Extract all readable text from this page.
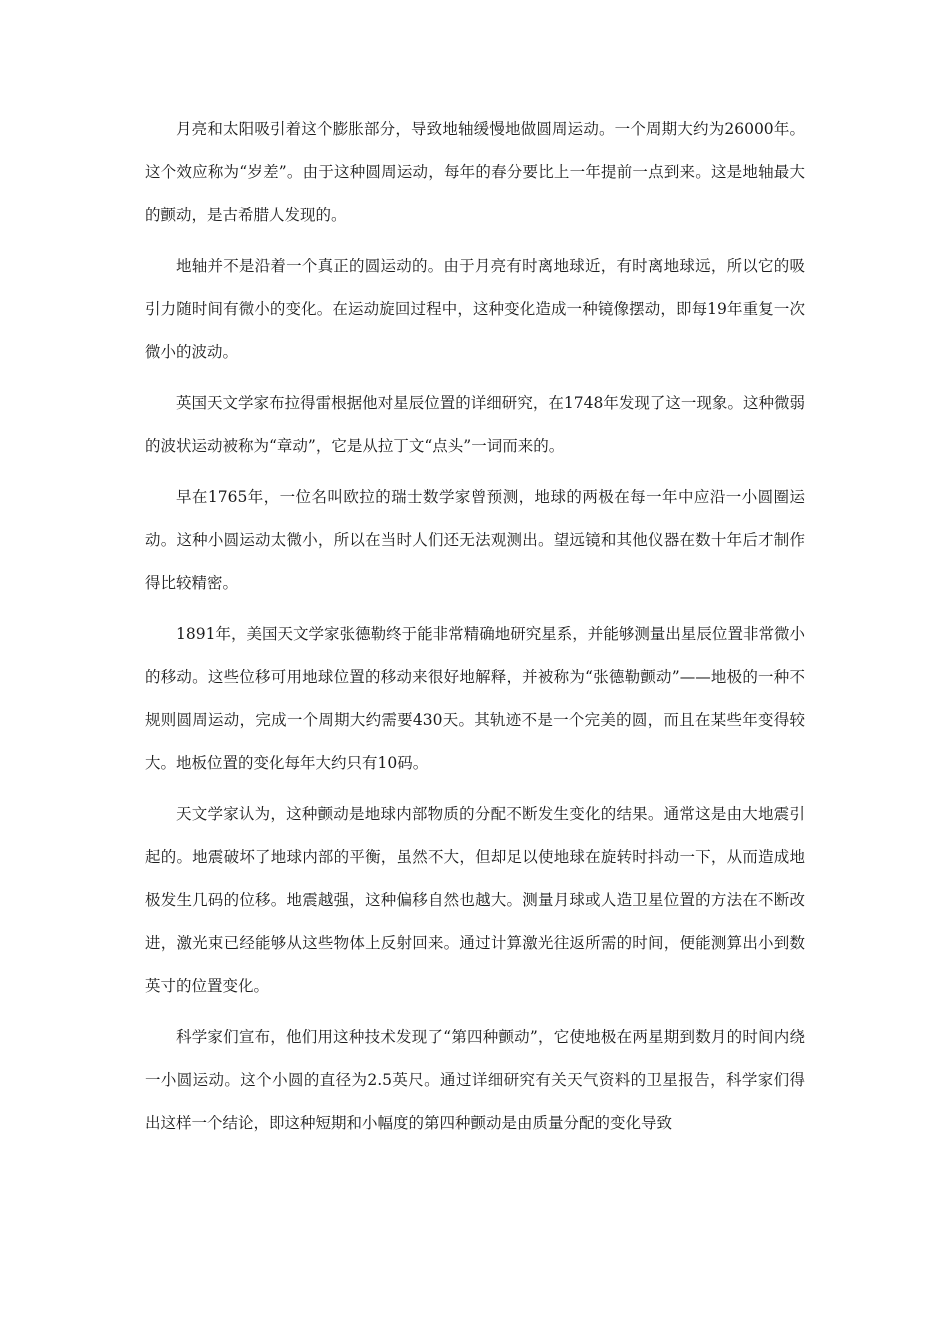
月亮和太阳吸引着这个膨胀部分，导致地轴缓慢地做圆周运动。一个周期大约为26000年。这个效应称为“岁差”。由于这种圆周运动，每年的春分要比上一年提前一点到来。这是地轴最大的颤动，是古希腊人发现的。

地轴并不是沿着一个真正的圆运动的。由于月亮有时离地球近，有时离地球远，所以它的吸引力随时间有微小的变化。在运动旋回过程中，这种变化造成一种镜像摆动，即每19年重复一次微小的波动。

英国天文学家布拉得雷根据他对星辰位置的详细研究，在1748年发现了这一现象。这种微弱的波状运动被称为“章动”，它是从拉丁文“点头”一词而来的。

早在1765年，一位名叫欧拉的瑞士数学家曾预测，地球的两极在每一年中应沿一小圆圈运动。这种小圆运动太微小，所以在当时人们还无法观测出。望远镜和其他仪器在数十年后才制作得比较精密。

1891年，美国天文学家张德勒终于能非常精确地研究星系，并能够测量出星辰位置非常微小的移动。这些位移可用地球位置的移动来很好地解释，并被称为“张德勒颤动”——地极的一种不规则圆周运动，完成一个周期大约需要430天。其轨迹不是一个完美的圆，而且在某些年变得较大。地板位置的变化每年大约只有10码。

天文学家认为，这种颤动是地球内部物质的分配不断发生变化的结果。通常这是由大地震引起的。地震破坏了地球内部的平衡，虽然不大，但却足以使地球在旋转时抖动一下，从而造成地极发生几码的位移。地震越强，这种偏移自然也越大。测量月球或人造卫星位置的方法在不断改进，激光束已经能够从这些物体上反射回来。通过计算激光往返所需的时间，便能测算出小到数英寸的位置变化。

科学家们宣布，他们用这种技术发现了“第四种颤动”，它使地极在两星期到数月的时间内绕一小圆运动。这个小圆的直径为2.5英尺。通过详细研究有关天气资料的卫星报告，科学家们得出这样一个结论，即这种短期和小幅度的第四种颤动是由质量分配的变化导致
